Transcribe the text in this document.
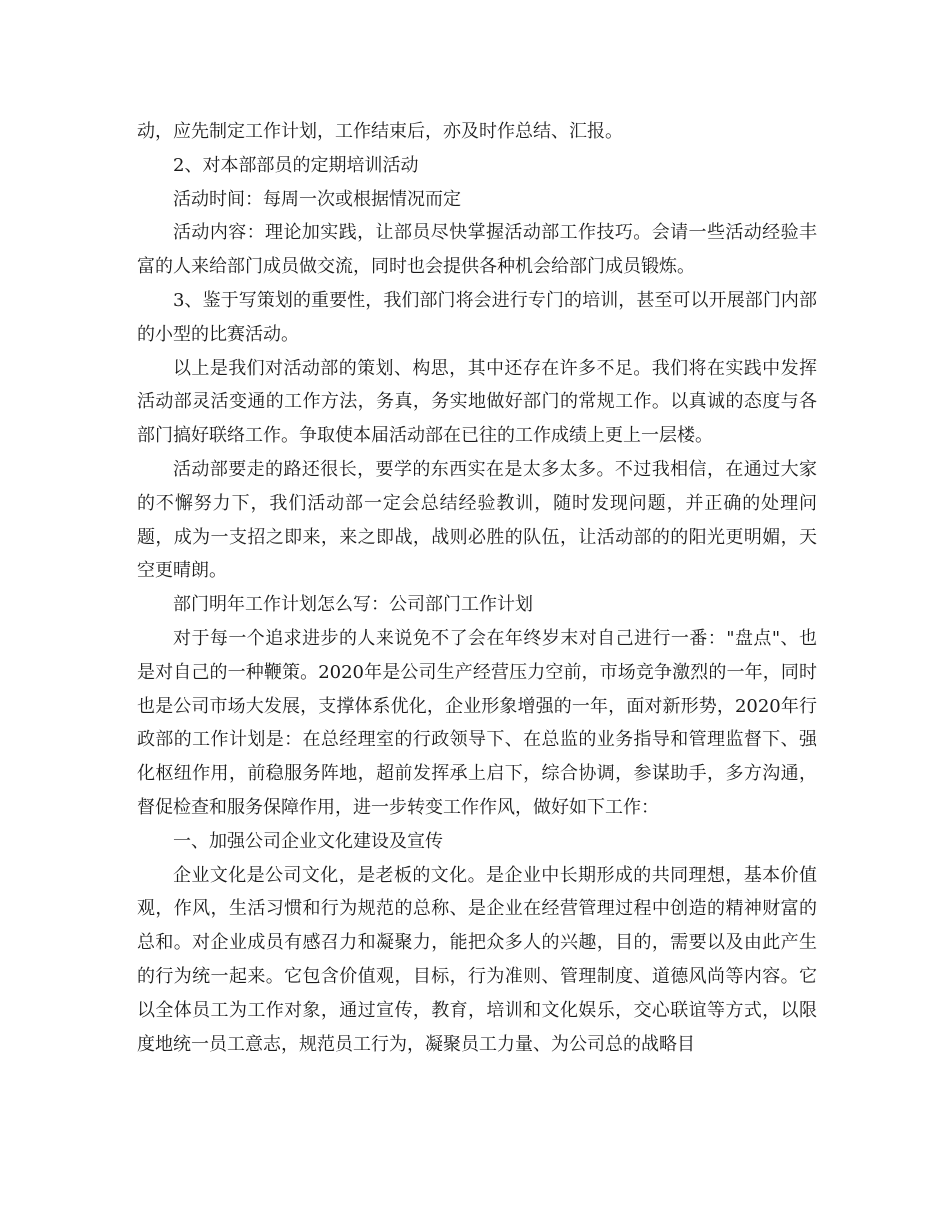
动，应先制定工作计划，工作结束后，亦及时作总结、汇报。

2、对本部部员的定期培训活动

活动时间：每周一次或根据情况而定

活动内容：理论加实践，让部员尽快掌握活动部工作技巧。会请一些活动经验丰富的人来给部门成员做交流，同时也会提供各种机会给部门成员锻炼。

3、鉴于写策划的重要性，我们部门将会进行专门的培训，甚至可以开展部门内部的小型的比赛活动。

以上是我们对活动部的策划、构思，其中还存在许多不足。我们将在实践中发挥活动部灵活变通的工作方法，务真，务实地做好部门的常规工作。以真诚的态度与各部门搞好联络工作。争取使本届活动部在已往的工作成绩上更上一层楼。

活动部要走的路还很长，要学的东西实在是太多太多。不过我相信，在通过大家的不懈努力下，我们活动部一定会总结经验教训，随时发现问题，并正确的处理问题，成为一支招之即来，来之即战，战则必胜的队伍，让活动部的的阳光更明媚，天空更晴朗。

部门明年工作计划怎么写：公司部门工作计划

对于每一个追求进步的人来说免不了会在年终岁末对自己进行一番："盘点"、也是对自己的一种鞭策。2020年是公司生产经营压力空前，市场竞争激烈的一年，同时也是公司市场大发展，支撑体系优化，企业形象增强的一年，面对新形势，2020年行政部的工作计划是：在总经理室的行政领导下、在总监的业务指导和管理监督下、强化枢纽作用，前稳服务阵地，超前发挥承上启下，综合协调，参谋助手，多方沟通，督促检查和服务保障作用，进一步转变工作作风，做好如下工作：

一、加强公司企业文化建设及宣传

企业文化是公司文化，是老板的文化。是企业中长期形成的共同理想，基本价值观，作风，生活习惯和行为规范的总称、是企业在经营管理过程中创造的精神财富的总和。对企业成员有感召力和凝聚力，能把众多人的兴趣，目的，需要以及由此产生的行为统一起来。它包含价值观，目标，行为准则、管理制度、道德风尚等内容。它以全体员工为工作对象，通过宣传，教育，培训和文化娱乐，交心联谊等方式，以限度地统一员工意志，规范员工行为，凝聚员工力量、为公司总的战略目
